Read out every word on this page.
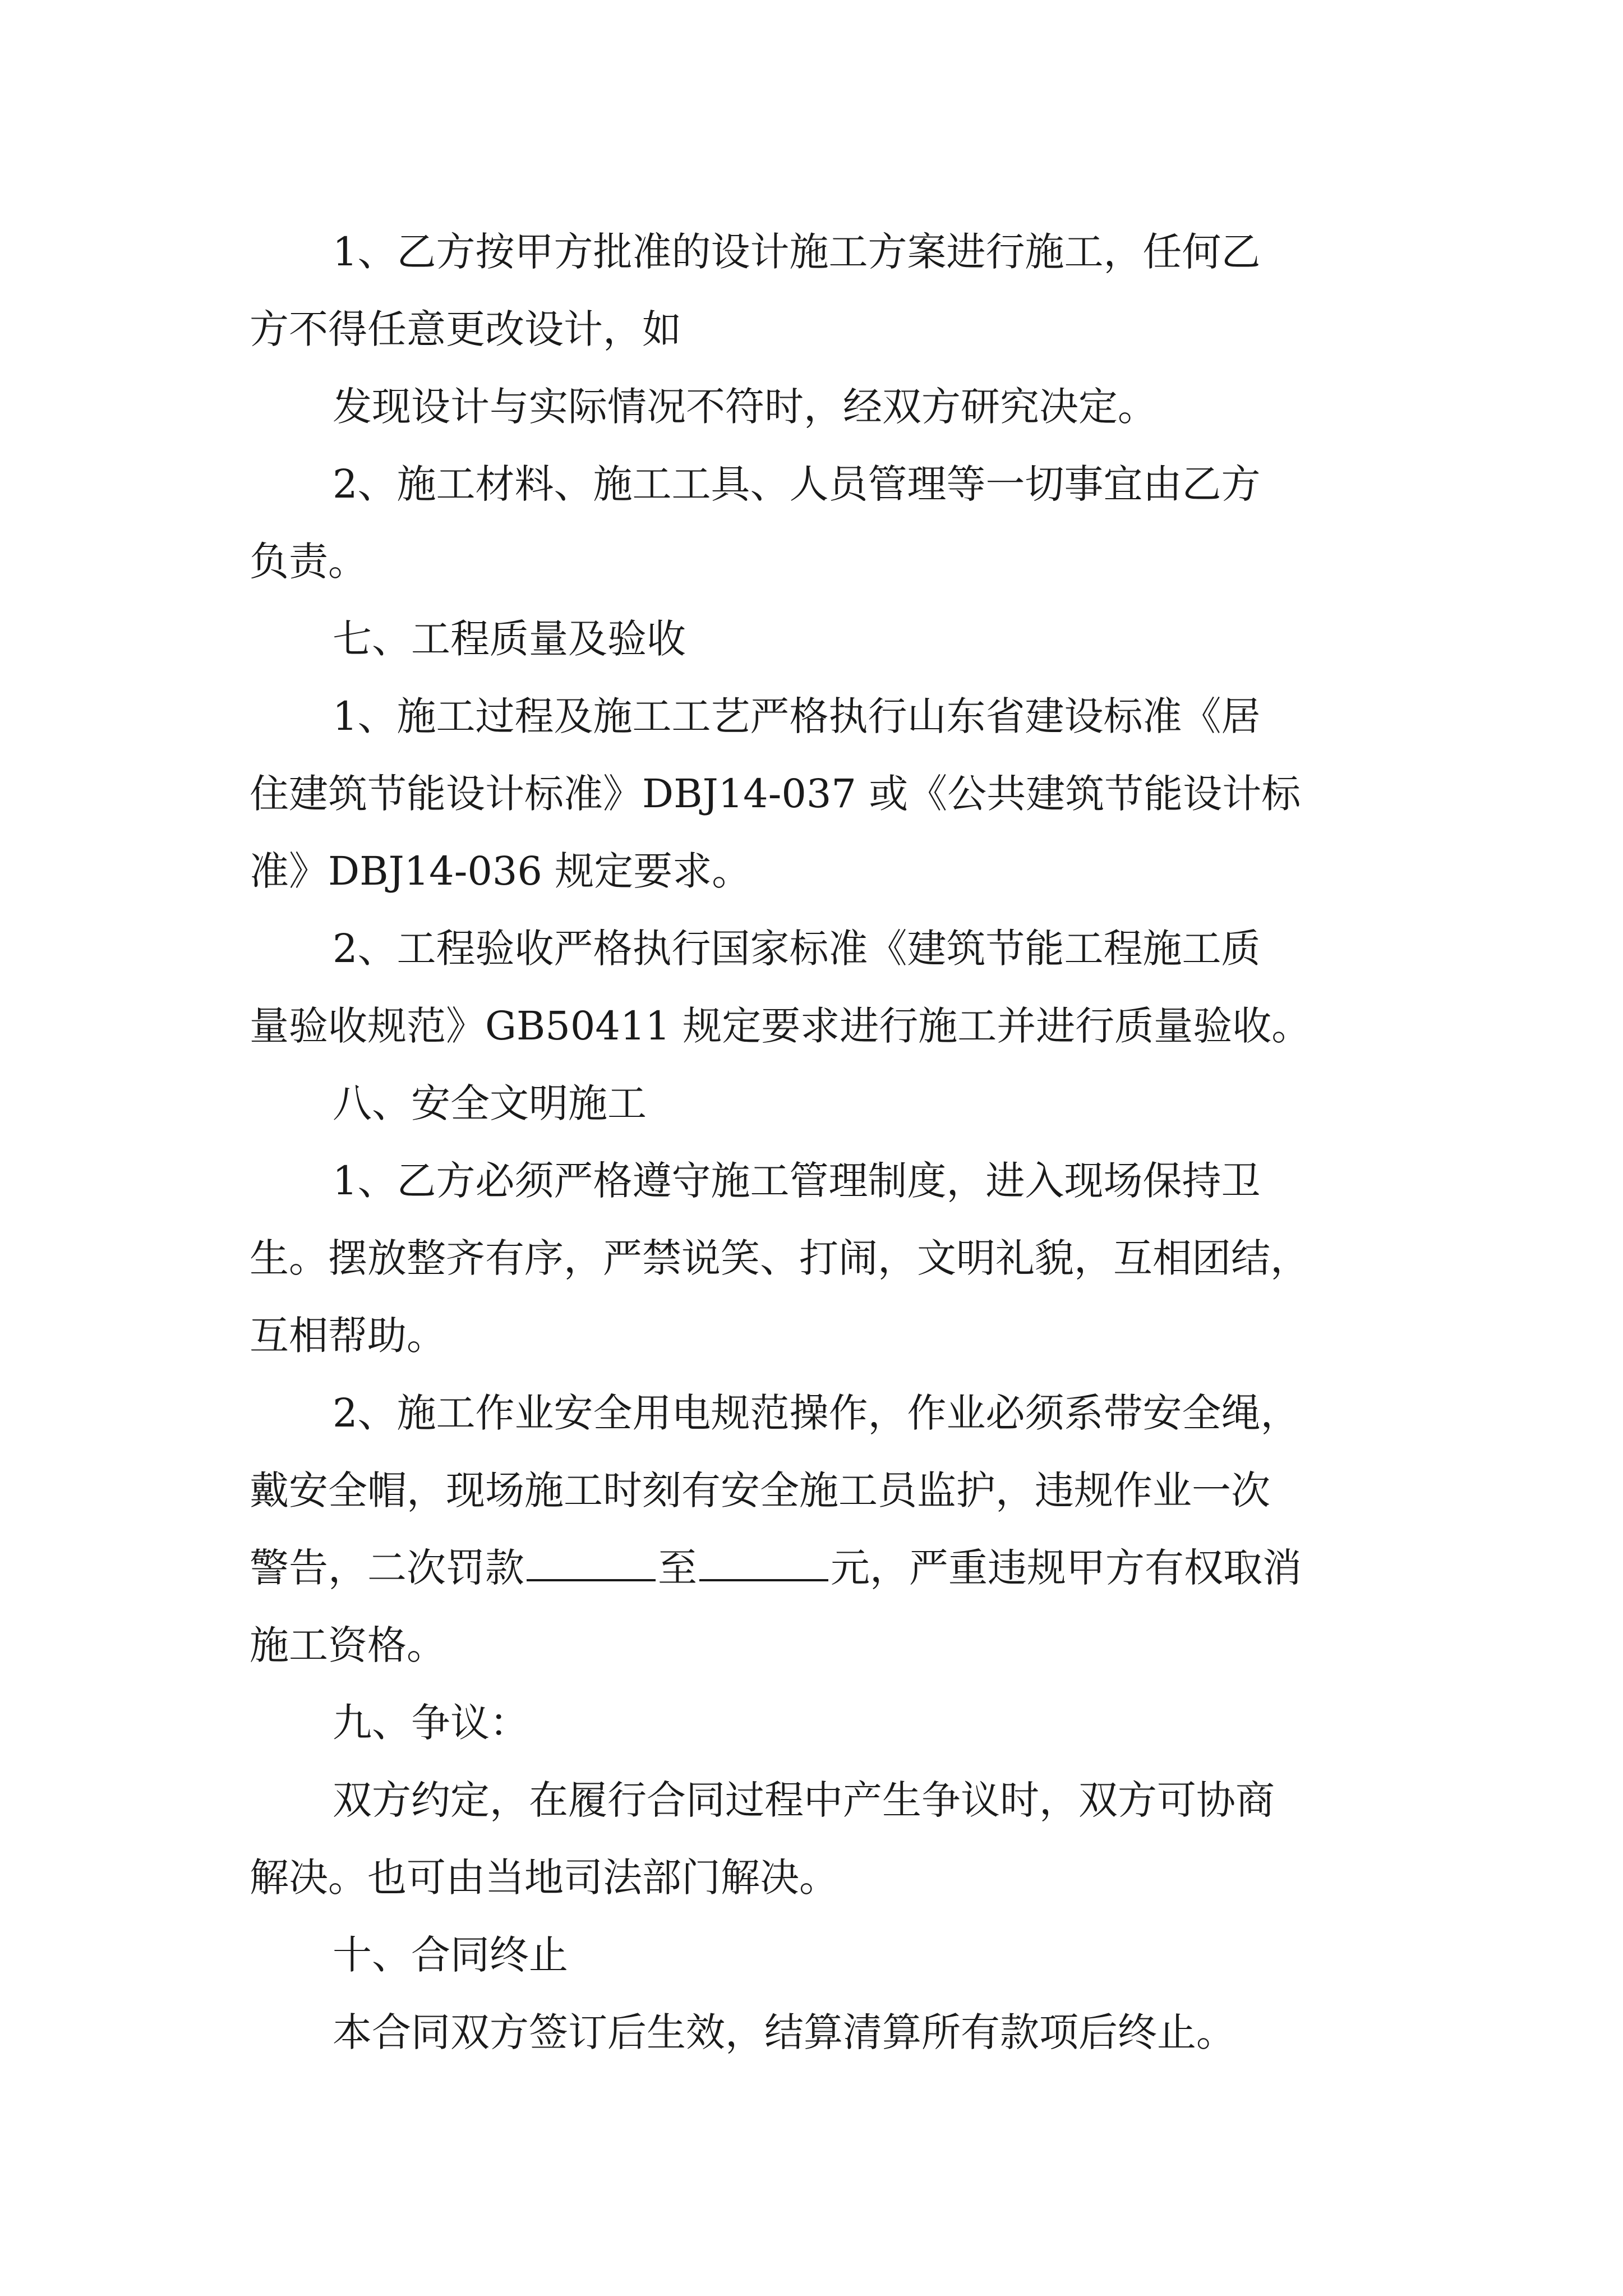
1、乙方按甲方批准的设计施工方案进行施工，任何乙
方不得任意更改设计，如
发现设计与实际情况不符时，经双方研究决定。
2、施工材料、施工工具、人员管理等一切事宜由乙方
负责。
七、工程质量及验收
1、施工过程及施工工艺严格执行山东省建设标准《居
住建筑节能设计标准》DBJ14-037 或《公共建筑节能设计标
准》DBJ14-036 规定要求。
2、工程验收严格执行国家标准《建筑节能工程施工质
量验收规范》GB50411 规定要求进行施工并进行质量验收。
八、安全文明施工
1、乙方必须严格遵守施工管理制度，进入现场保持卫
生。摆放整齐有序，严禁说笑、打闹，文明礼貌，互相团结，
互相帮助。
2、施工作业安全用电规范操作，作业必须系带安全绳，
戴安全帽，现场施工时刻有安全施工员监护，违规作业一次
警告，二次罚款	至	元，严重违规甲方有权取消
施工资格。
九、争议：
双方约定，在履行合同过程中产生争议时，双方可协商
解决。也可由当地司法部门解决。
十、合同终止
本合同双方签订后生效，结算清算所有款项后终止。
